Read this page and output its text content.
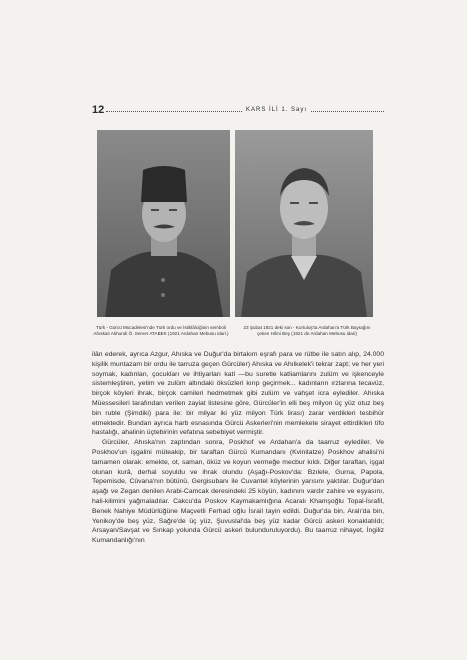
12	KARS İLİ 1. Sayı
Türk - Gürcü Mücadelesi'nde Türk ordu ve İstiklâlciğinin semboli Ahıskalı Akhundi Ö. Server ATABEK (1921 Ardahan Mebusu idari.)
23 Şubat 1921 deki son - Kurtuluş'ta Ardahan'a Türk Bayrağını çeken Hilmi Bey (1921 de Ardahan Mebusu idari)

ilân ederek, ayrıca Azgur, Ahıska ve Duğur'da birtakım eşrafı para ve rütbe ile satın alıp, 24.000 kişilik muntazam bir ordu ile tarruza geçen Gürcüler) Ahıska ve Ahılkelek'i tekrar zapt; ve her yeri soymak, kadınları, çocukları ve ihtiyarları katl —bu suretle katliamlarını zulüm ve işkenceyle sistemleştiren, yetim ve zulüm altındaki öksüzleri kırıp geçirmek... kadınların ırzlarına tecavüz, birçok köyleri ihrak, birçok camileri hedmetmek gibi zulüm ve vahşet icra eylediler. Ahıska Müessesileri tarafından verilen zayiat listesine göre, Gürcüler'in elli beş milyon üç yüz otuz beş bin ruble (Şimdiki) para ile: bir milyar iki yüz milyon Türk lirası) zarar verdikleri tesbihür etmektedir. Bundan ayrıca harb esnasında Gürcü Askerleri'nin memlekete sirayet ettirdikleri tifo hastalığı, ahalinin üçtebirinin vefatına sebebiyet vermiştir.

Gürcüler, Ahıska'nın zaptından sonra, Poskhof ve Ardahan'a da taarruz eylediler. Ve Poskhov'un işgalini müteakip, bir taraftan Gürcü Kumandanı (Kvinitatze) Poskhov ahalisi'ni tamamen olarak: emekte, ot, saman, öküz ve koyun vermeğe mecbur kıldı. Diğer taraftan, işgal olunan kurâ, derhal soyuldu ve ihrak olundu (Aşağı-Poskov'da: Bzılele, Gurna, Papola, Tepemisde, Cûvana'nın bütünü, Gergisubanı ile Cuvantel köylerinin yarısını yaktılar. Duğur'dan aşağı ve Zegan denilen Arabi-Camcak deresindeki 25 köyün, kadınını vardır zahire ve eşyasını, hali-kilimini yağmaladılar. Cakcu'da Poskov Kaymakamlığına Acaralı Khamşoğlu Topal-İsrafil, Benek Nahiye Müdürlüğüne Maçvetli Ferhad oğlu İsrail tayin edildi. Duğur'da bin, Aralı'da bin, Yenikoy'de beş yüz, Sağre'de üç yüz, Şuvuslal'da beş yüz kadar Gürcü askeri konaklatıldı; Arsayan/Savşat ve Sınkap yolunda Gürcü askeri bulunduruluyordu). Bu taarruz nihayet, İngiliz Kumandanlığı'nın
